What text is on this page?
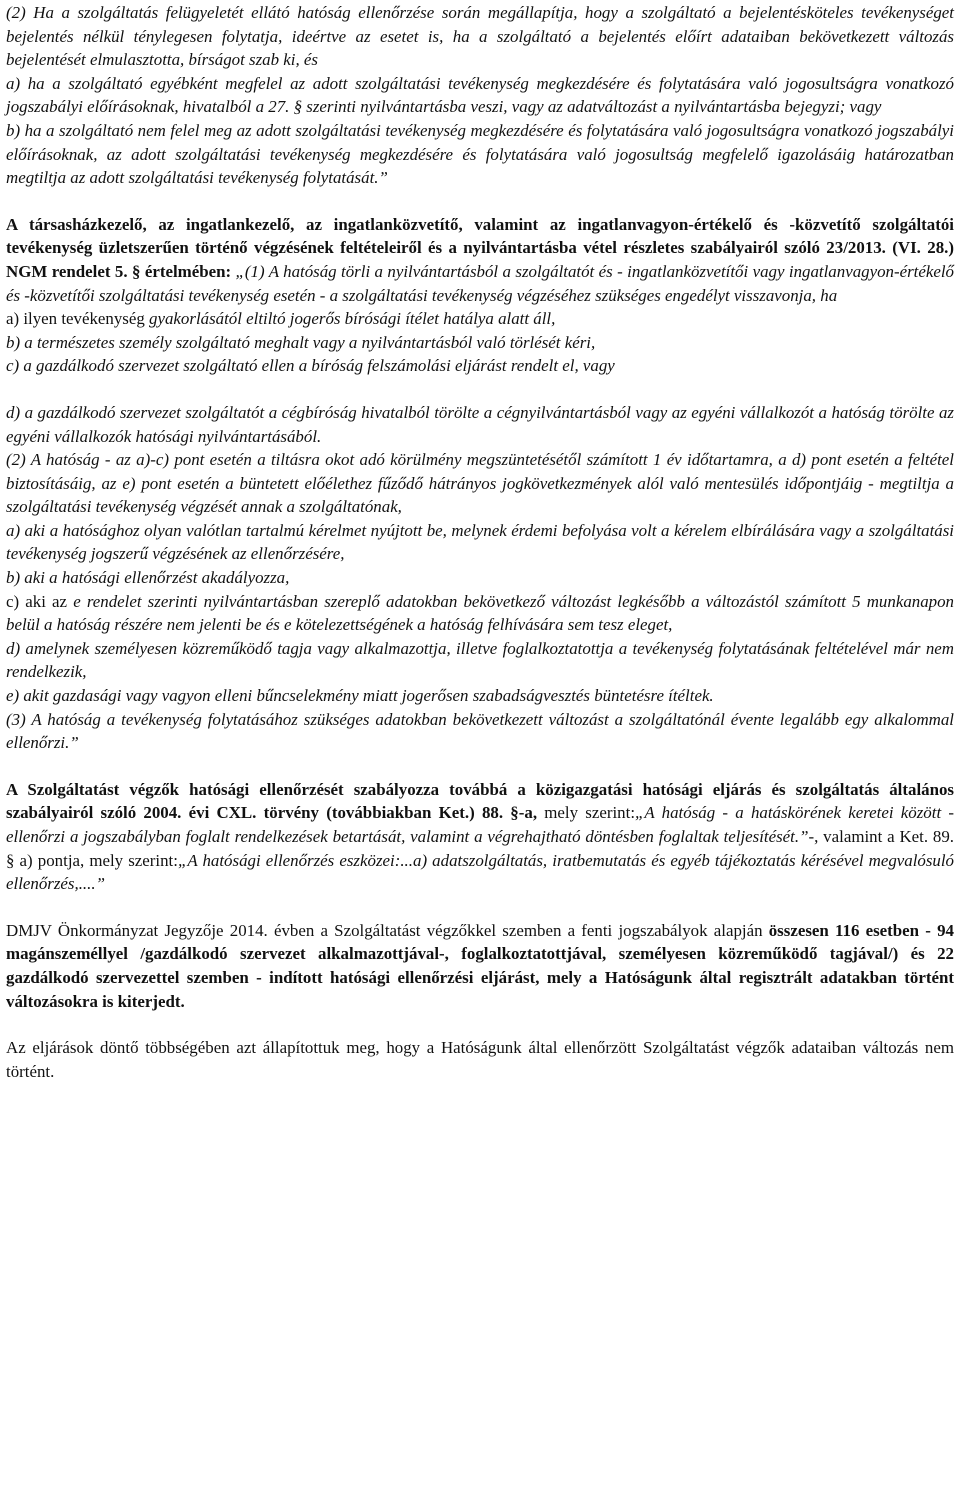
(2) Ha a szolgáltatás felügyeletét ellátó hatóság ellenőrzése során megállapítja, hogy a szolgáltató a bejelentésköteles tevékenységet bejelentés nélkül ténylegesen folytatja, ideértve az esetet is, ha a szolgáltató a bejelentés előírt adataiban bekövetkezett változás bejelentését elmulasztotta, bírságot szab ki, és

a) ha a szolgáltató egyébként megfelel az adott szolgáltatási tevékenység megkezdésére és folytatására való jogosultságra vonatkozó jogszabályi előírásoknak, hivatalból a 27. § szerinti nyilvántartásba veszi, vagy az adatváltozást a nyilvántartásba bejegyzi; vagy

b) ha a szolgáltató nem felel meg az adott szolgáltatási tevékenység megkezdésére és folytatására való jogosultságra vonatkozó jogszabályi előírásoknak, az adott szolgáltatási tevékenység megkezdésére és folytatására való jogosultság megfelelő igazolásáig határozatban megtiltja az adott szolgáltatási tevékenység folytatását.”

A társasházkezelő, az ingatlankezelő, az ingatlanközvetítő, valamint az ingatlanvagyon-értékelő és -közvetítő szolgáltatói tevékenység üzletszerűen történő végzésének feltételeiről és a nyilvántartásba vétel részletes szabályairól szóló 23/2013. (VI. 28.) NGM rendelet 5. § értelmében: „(1) A hatóság törli a nyilvántartásból a szolgáltatót és - ingatlanközvetítői vagy ingatlanvagyon-értékelő és -közvetítői szolgáltatási tevékenység esetén - a szolgáltatási tevékenység végzéséhez szükséges engedélyt visszavonja, ha

a) ilyen tevékenység gyakorlásától eltiltó jogerős bírósági ítélet hatálya alatt áll,

b) a természetes személy szolgáltató meghalt vagy a nyilvántartásból való törlését kéri,

c) a gazdálkodó szervezet szolgáltató ellen a bíróság felszámolási eljárást rendelt el, vagy

d) a gazdálkodó szervezet szolgáltatót a cégbíróság hivatalból törölte a cégnyilvántartásból vagy az egyéni vállalkozót a hatóság törölte az egyéni vállalkozók hatósági nyilvántartásából.

(2) A hatóság - az a)-c) pont esetén a tiltásra okot adó körülmény megszüntetésétől számított 1 év időtartamra, a d) pont esetén a feltétel biztosításáig, az e) pont esetén a büntetett előélethez fűződő hátrányos jogkövetkezmények alól való mentesülés időpontjáig - megtiltja a szolgáltatási tevékenység végzését annak a szolgáltatónak,

a) aki a hatósághoz olyan valótlan tartalmú kérelmet nyújtott be, melynek érdemi befolyása volt a kérelem elbírálására vagy a szolgáltatási tevékenység jogszerű végzésének az ellenőrzésére,

b) aki a hatósági ellenőrzést akadályozza,

c) aki az e rendelet szerinti nyilvántartásban szereplő adatokban bekövetkező változást legkésőbb a változástól számított 5 munkanapon belül a hatóság részére nem jelenti be és e kötelezettségének a hatóság felhívására sem tesz eleget,

d) amelynek személyesen közreműködő tagja vagy alkalmazottja, illetve foglalkoztatottja a tevékenység folytatásának feltételével már nem rendelkezik,

e) akit gazdasági vagy vagyon elleni bűncselekmény miatt jogerősen szabadságvesztés büntetésre ítéltek.

(3) A hatóság a tevékenység folytatásához szükséges adatokban bekövetkezett változást a szolgáltatónál évente legalább egy alkalommal ellenőrzi.”

A Szolgáltatást végzők hatósági ellenőrzését szabályozza továbbá a közigazgatási hatósági eljárás és szolgáltatás általános szabályairól szóló 2004. évi CXL. törvény (továbbiakban Ket.) 88. §-a, mely szerint:„A hatóság - a hatáskörének keretei között - ellenőrzi a jogszabályban foglalt rendelkezések betartását, valamint a végrehajtható döntésben foglaltak teljesítését.”-, valamint a Ket. 89. § a) pontja, mely szerint:„A hatósági ellenőrzés eszközei:...a) adatszolgáltatás, iratbemutatás és egyéb tájékoztatás kérésével megvalósuló ellenőrzés,....”

DMJV Önkormányzat Jegyzője 2014. évben a Szolgáltatást végzőkkel szemben a fenti jogszabályok alapján összesen 116 esetben - 94 magánszeméllyel /gazdálkodó szervezet alkalmazottjával-, foglalkoztatottjával, személyesen közreműködő tagjával/) és 22 gazdálkodó szervezettel szemben - indított hatósági ellenőrzési eljárást, mely a Hatóságunk által regisztrált adatakban történt változásokra is kiterjedt.

Az eljárások döntő többségében azt állapítottuk meg, hogy a Hatóságunk által ellenőrzött Szolgáltatást végzők adataiban változás nem történt.
